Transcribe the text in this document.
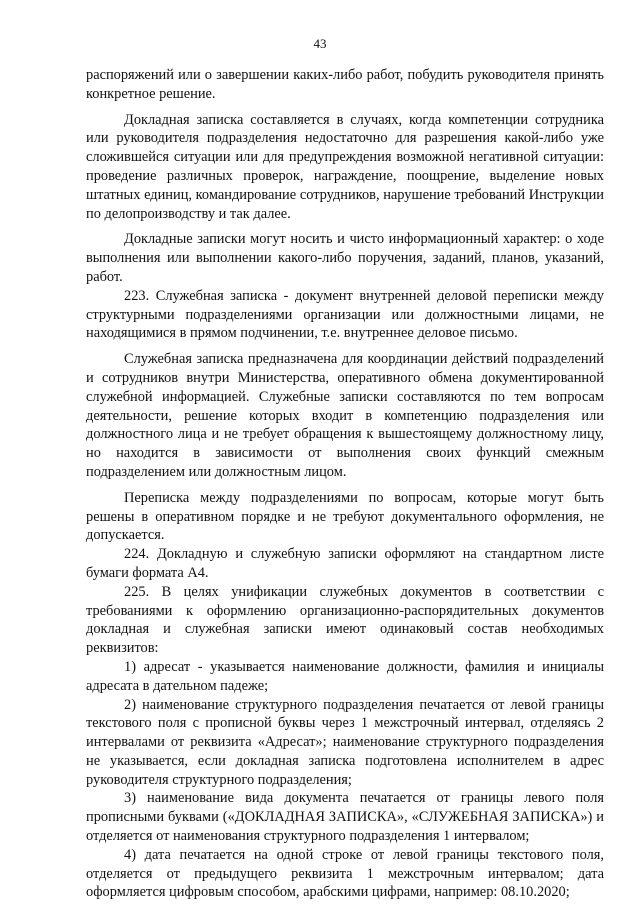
43

распоряжений или о завершении каких-либо работ, побудить руководителя принять конкретное решение.

Докладная записка составляется в случаях, когда компетенции сотрудника или руководителя подразделения недостаточно для разрешения какой-либо уже сложившейся ситуации или для предупреждения возможной негативной ситуации: проведение различных проверок, награждение, поощрение, выделение новых штатных единиц, командирование сотрудников, нарушение требований Инструкции по делопроизводству и так далее.

Докладные записки могут носить и чисто информационный характер: о ходе выполнения или выполнении какого-либо поручения, заданий, планов, указаний, работ.

223. Служебная записка - документ внутренней деловой переписки между структурными подразделениями организации или должностными лицами, не находящимися в прямом подчинении, т.е. внутреннее деловое письмо.

Служебная записка предназначена для координации действий подразделений и сотрудников внутри Министерства, оперативного обмена документированной служебной информацией. Служебные записки составляются по тем вопросам деятельности, решение которых входит в компетенцию подразделения или должностного лица и не требует обращения к вышестоящему должностному лицу, но находится в зависимости от выполнения своих функций смежным подразделением или должностным лицом.

Переписка между подразделениями по вопросам, которые могут быть решены в оперативном порядке и не требуют документального оформления, не допускается.

224. Докладную и служебную записки оформляют на стандартном листе бумаги формата А4.

225. В целях унификации служебных документов в соответствии с требованиями к оформлению организационно-распорядительных документов докладная и служебная записки имеют одинаковый состав необходимых реквизитов:

1) адресат - указывается наименование должности, фамилия и инициалы адресата в дательном падеже;

2) наименование структурного подразделения печатается от левой границы текстового поля с прописной буквы через 1 межстрочный интервал, отделяясь 2 интервалами от реквизита «Адресат»; наименование структурного подразделения не указывается, если докладная записка подготовлена исполнителем в адрес руководителя структурного подразделения;

3) наименование вида документа печатается от границы левого поля прописными буквами («ДОКЛАДНАЯ ЗАПИСКА», «СЛУЖЕБНАЯ ЗАПИСКА») и отделяется от наименования структурного подразделения 1 интервалом;

4) дата печатается на одной строке от левой границы текстового поля, отделяется от предыдущего реквизита 1 межстрочным интервалом; дата оформляется цифровым способом, арабскими цифрами, например: 08.10.2020;
